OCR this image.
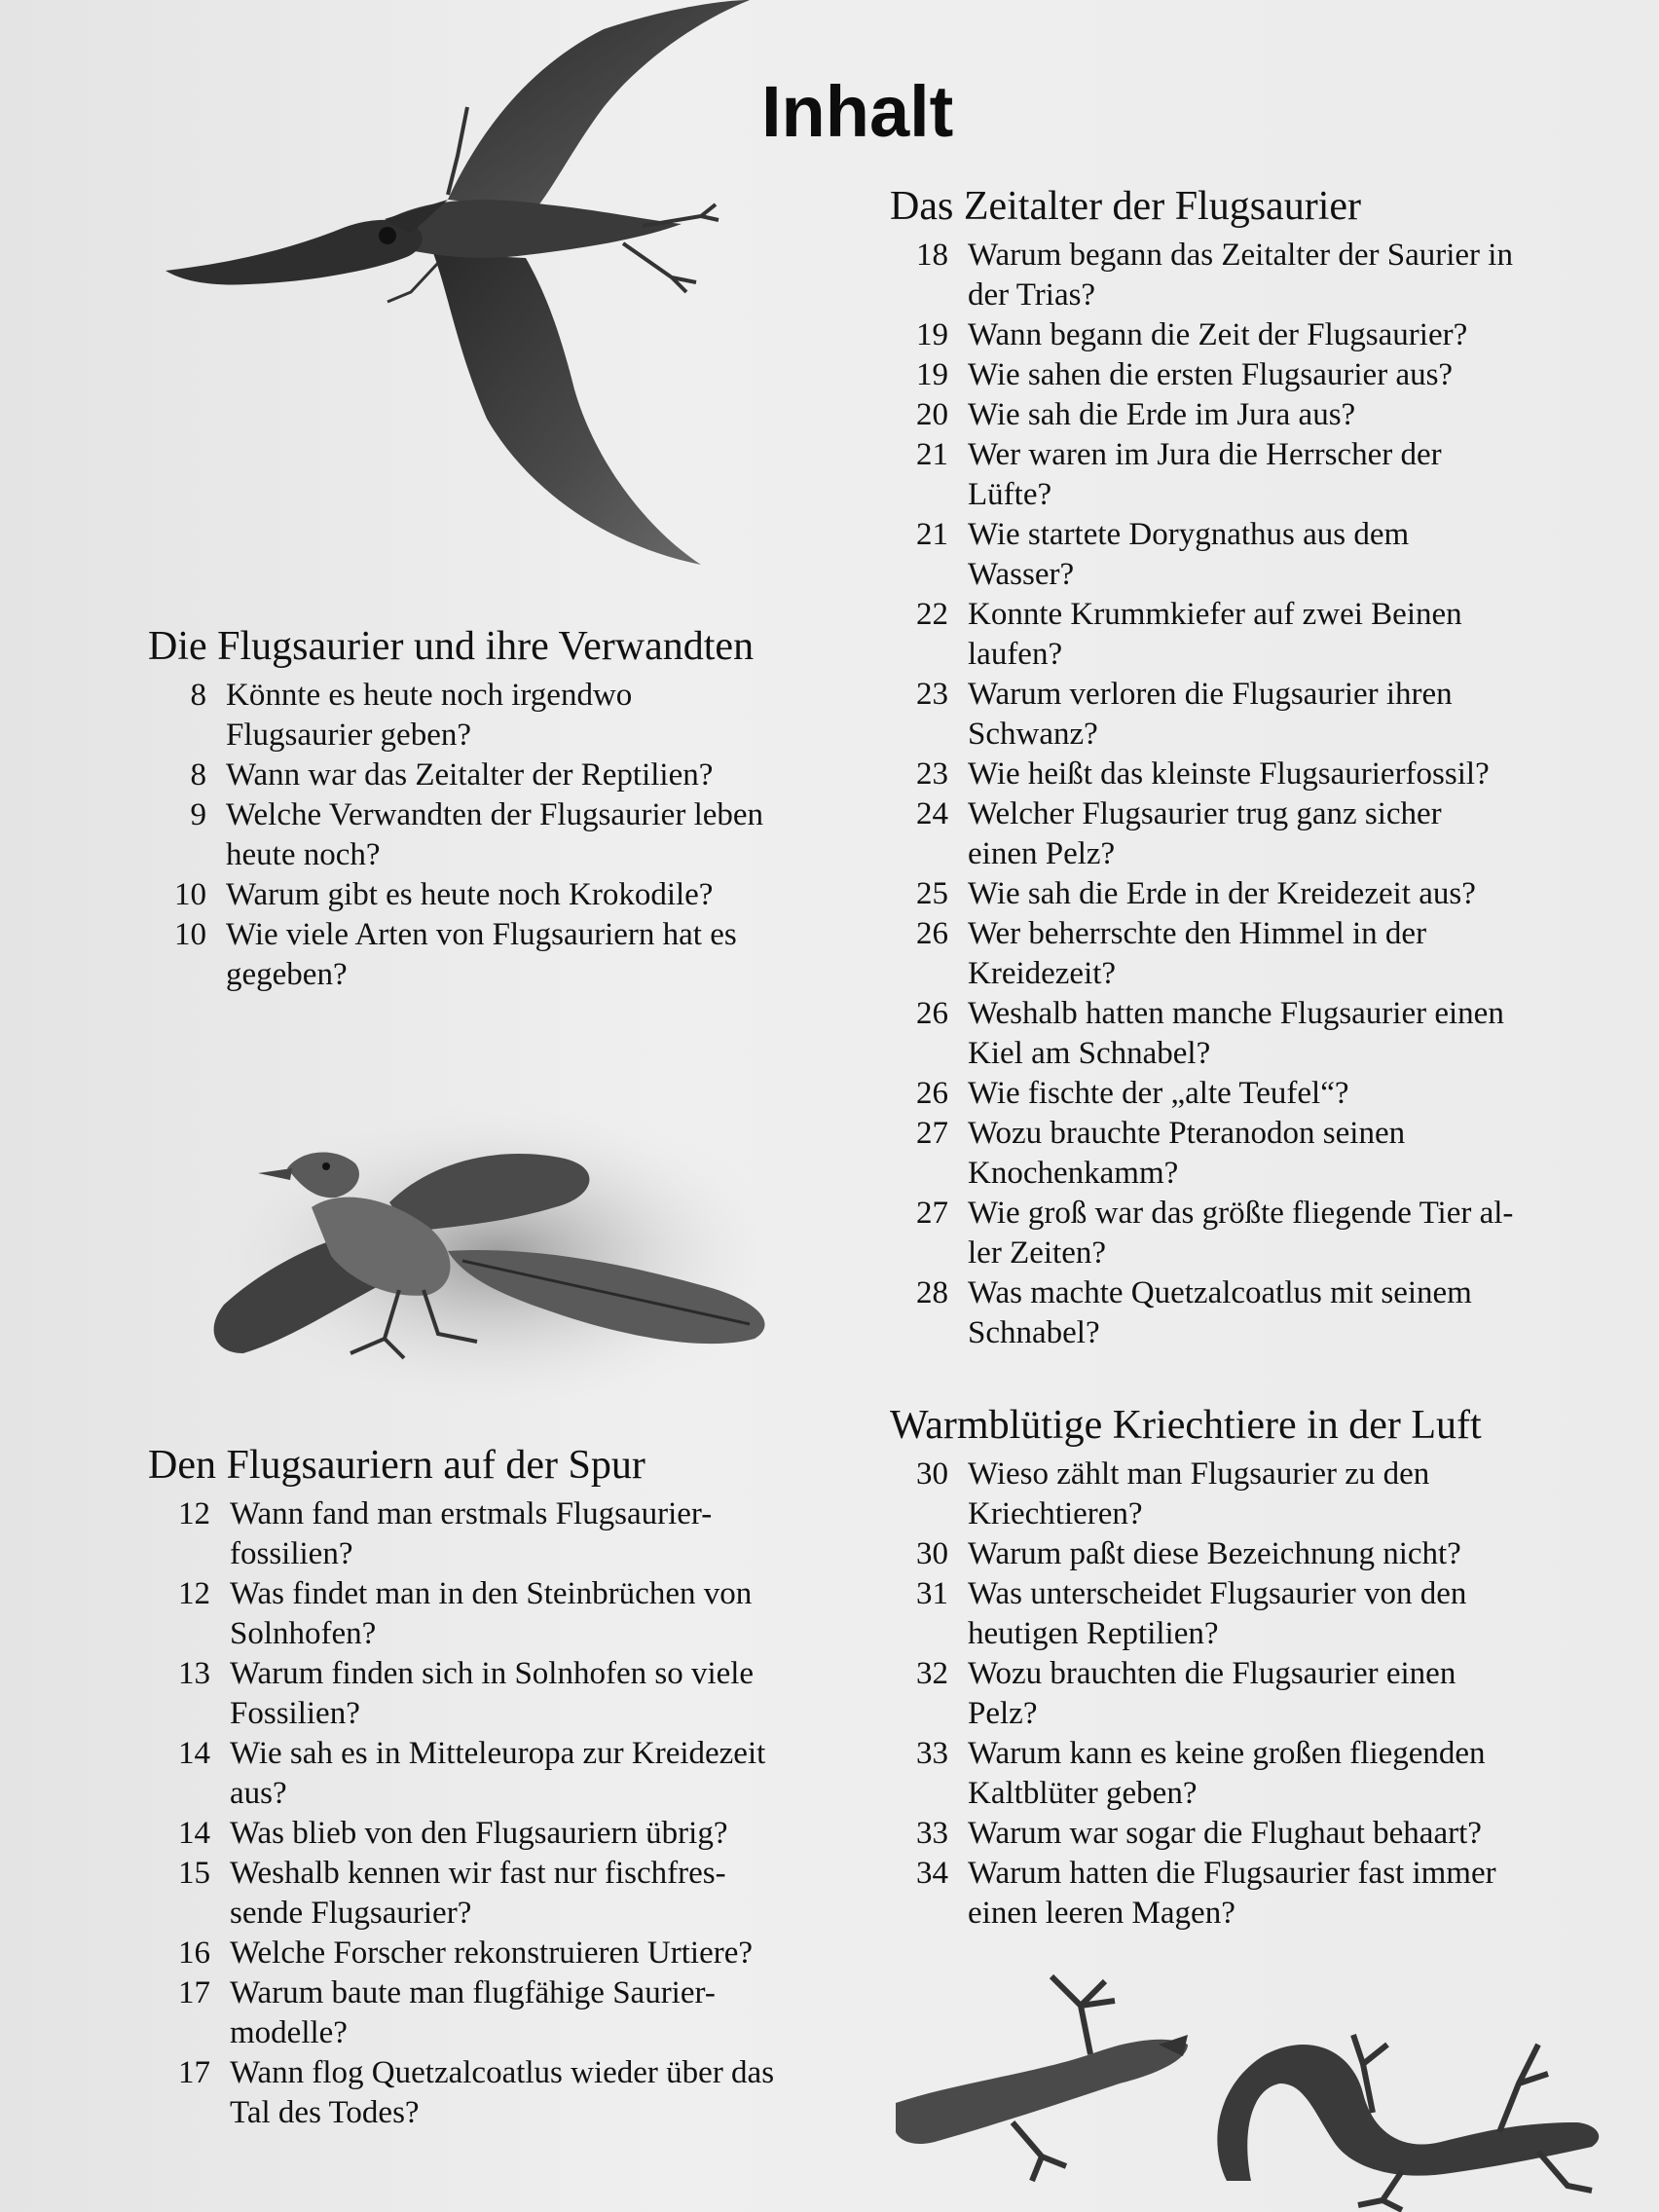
Inhalt
Die Flugsaurier und ihre Verwandten
8 Könnte es heute noch irgendwo
Flugsaurier geben?
8 Wann war das Zeitalter der Reptilien?
9 Welche Verwandten der Flugsaurier leben
heute noch?
10 Warum gibt es heute noch Krokodile?
10 Wie viele Arten von Flugsauriern hat es
gegeben?
Den Flugsauriern auf der Spur
12 Wann fand man erstmals Flugsaurier-
fossilien?
12 Was findet man in den Steinbrüchen von
Solnhofen?
13 Warum finden sich in Solnhofen so viele
Fossilien?
14 Wie sah es in Mitteleuropa zur Kreidezeit
aus?
14 Was blieb von den Flugsauriern übrig?
15 Weshalb kennen wir fast nur fischfres-
sende Flugsaurier?
16 Welche Forscher rekonstruieren Urtiere?
17 Warum baute man flugfähige Saurier-
modelle?
17 Wann flog Quetzalcoatlus wieder über das
Tal des Todes?
Das Zeitalter der Flugsaurier
18 Warum begann das Zeitalter der Saurier in
der Trias?
19 Wann begann die Zeit der Flugsaurier?
19 Wie sahen die ersten Flugsaurier aus?
20 Wie sah die Erde im Jura aus?
21 Wer waren im Jura die Herrscher der
Lüfte?
21 Wie startete Dorygnathus aus dem
Wasser?
22 Konnte Krummkiefer auf zwei Beinen
laufen?
23 Warum verloren die Flugsaurier ihren
Schwanz?
23 Wie heißt das kleinste Flugsaurierfossil?
24 Welcher Flugsaurier trug ganz sicher
einen Pelz?
25 Wie sah die Erde in der Kreidezeit aus?
26 Wer beherrschte den Himmel in der
Kreidezeit?
26 Weshalb hatten manche Flugsaurier einen
Kiel am Schnabel?
26 Wie fischte der „alte Teufel“?
27 Wozu brauchte Pteranodon seinen
Knochenkamm?
27 Wie groß war das größte fliegende Tier al-
ler Zeiten?
28 Was machte Quetzalcoatlus mit seinem
Schnabel?
Warmblütige Kriechtiere in der Luft
30 Wieso zählt man Flugsaurier zu den
Kriechtieren?
30 Warum paßt diese Bezeichnung nicht?
31 Was unterscheidet Flugsaurier von den
heutigen Reptilien?
32 Wozu brauchten die Flugsaurier einen
Pelz?
33 Warum kann es keine großen fliegenden
Kaltblüter geben?
33 Warum war sogar die Flughaut behaart?
34 Warum hatten die Flugsaurier fast immer
einen leeren Magen?
